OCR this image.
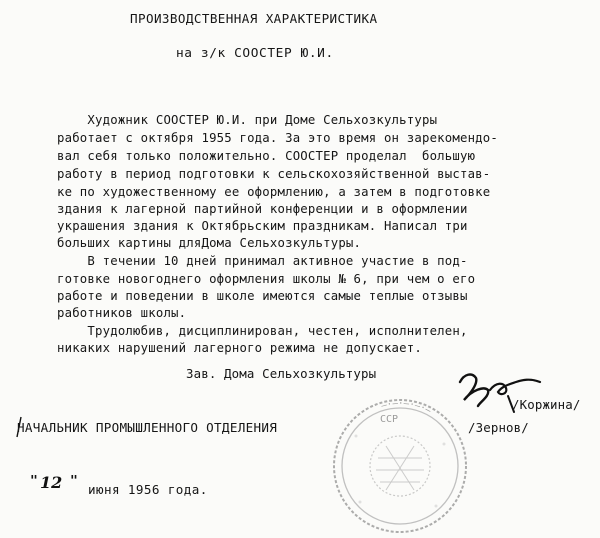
ПРОИЗВОДСТВЕННАЯ ХАРАКТЕРИСТИКА
на з/к СООСТЕР Ю.И.
Художник СООСТЕР Ю.И. при Доме Сельхозкультуры
работает с октября 1955 года. За это время он зарекомендо-
вал себя только положительно. СООСТЕР проделал  большую
работу в период подготовки к сельскохозяйственной выстав-
ке по художественному ее оформлению, а затем в подготовке
здания к лагерной партийной конференции и в оформлении
украшения здания к Октябрьским праздникам. Написал три
больших картины дляДома Сельхозкультуры.
В течении 10 дней принимал активное участие в под-
готовке новогоднего оформления школы № 6, при чем о его
работе и поведении в школе имеются самые теплые отзывы
работников школы.
Трудолюбив, дисциплинирован, честен, исполнителен,
никаких нарушений лагерного режима не допускает.
—·—·—·—·—
ССР
Зав. Дома Сельхозкультуры
/Коржина/
НАЧАЛЬНИК ПРОМЫШЛЕННОГО ОТДЕЛЕНИЯ	/Зернов/
" 12 "
июня 1956 года.
